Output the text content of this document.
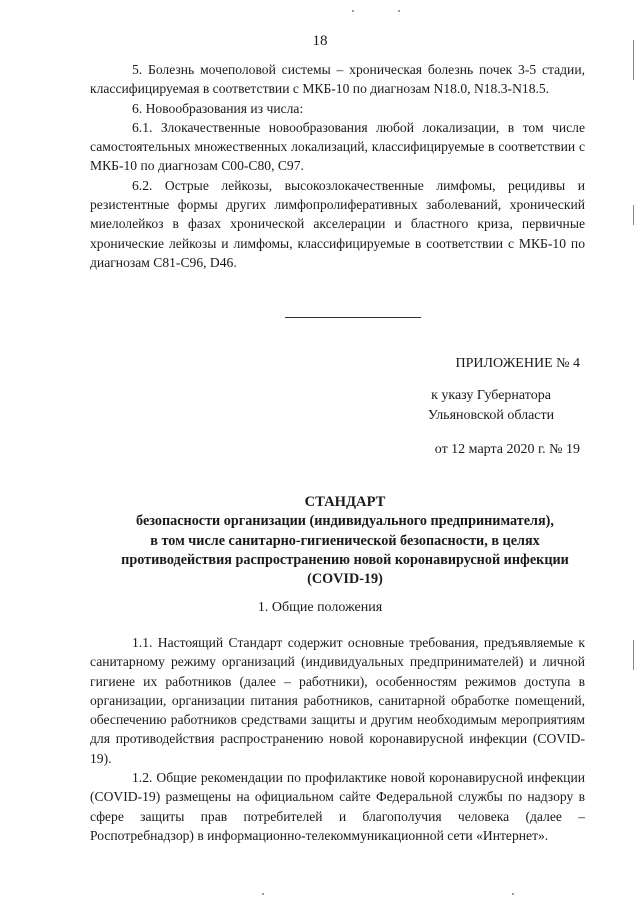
18

5. Болезнь мочеполовой системы – хроническая болезнь почек 3-5 стадии, классифицируемая в соответствии с МКБ-10 по диагнозам N18.0, N18.3-N18.5.

6. Новообразования из числа:

6.1. Злокачественные новообразования любой локализации, в том числе самостоятельных множественных локализаций, классифицируемые в соответствии с МКБ-10 по диагнозам C00-C80, C97.

6.2. Острые лейкозы, высокозлокачественные лимфомы, рецидивы и резистентные формы других лимфопролиферативных заболеваний, хронический миелолейкоз в фазах хронической акселерации и бластного криза, первичные хронические лейкозы и лимфомы, классифицируемые в соответствии с МКБ-10 по диагнозам C81-C96, D46.

ПРИЛОЖЕНИЕ № 4
к указу Губернатора
Ульяновской области
от 12 марта 2020 г. № 19
СТАНДАРТ
безопасности организации (индивидуального предпринимателя),
в том числе санитарно-гигиенической безопасности, в целях
противодействия распространению новой коронавирусной инфекции
(COVID-19)
1. Общие положения

1.1. Настоящий Стандарт содержит основные требования, предъявляемые к санитарному режиму организаций (индивидуальных предпринимателей) и личной гигиене их работников (далее – работники), особенностям режимов доступа в организации, организации питания работников, санитарной обработке помещений, обеспечению работников средствами защиты и другим необходимым мероприятиям для противодействия распространению новой коронавирусной инфекции (COVID-19).

1.2. Общие рекомендации по профилактике новой коронавирусной инфекции (COVID-19) размещены на официальном сайте Федеральной службы по надзору в сфере защиты прав потребителей и благополучия человека (далее – Роспотребнадзор) в информационно-телекоммуникационной сети «Интернет».
